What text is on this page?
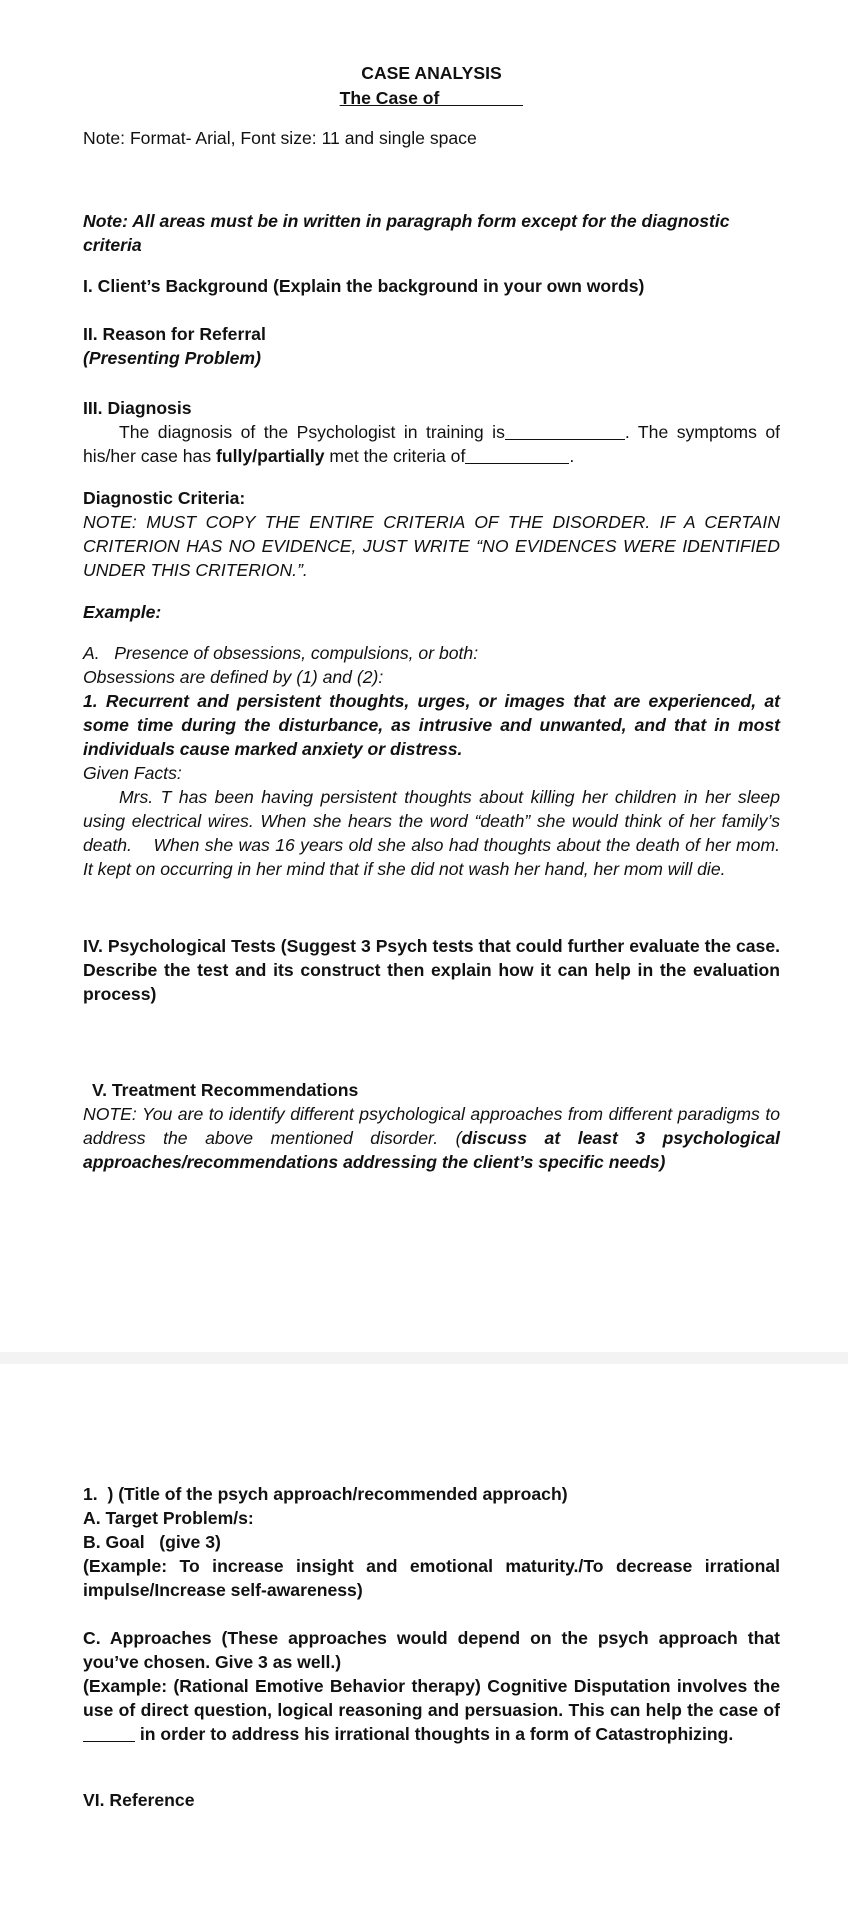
CASE ANALYSIS
The Case of
Note: Format- Arial, Font size: 11 and single space
Note: All areas must be in written in paragraph form except for the diagnostic criteria
I. Client’s Background (Explain the background in your own words)
II. Reason for Referral
(Presenting Problem)
III. Diagnosis
The diagnosis of the Psychologist in training is	. The symptoms of his/her case has fully/partially met the criteria of	.
Diagnostic Criteria:
NOTE: MUST COPY THE ENTIRE CRITERIA OF THE DISORDER. IF A CERTAIN CRITERION HAS NO EVIDENCE, JUST WRITE “NO EVIDENCES WERE IDENTIFIED UNDER THIS CRITERION.”.
Example:
A.   Presence of obsessions, compulsions, or both:
Obsessions are defined by (1) and (2):
1. Recurrent and persistent thoughts, urges, or images that are experienced, at some time during the disturbance, as intrusive and unwanted, and that in most individuals cause marked anxiety or distress.
Given Facts:
Mrs. T has been having persistent thoughts about killing her children in her sleep using electrical wires. When she hears the word “death” she would think of her family’s death.    When she was 16 years old she also had thoughts about the death of her mom. It kept on occurring in her mind that if she did not wash her hand, her mom will die.
IV. Psychological Tests (Suggest 3 Psych tests that could further evaluate the case. Describe the test and its construct then explain how it can help in the evaluation process)
V. Treatment Recommendations
NOTE: You are to identify different psychological approaches from different paradigms to address the above mentioned disorder. (discuss at least 3 psychological approaches/recommendations addressing the client’s specific needs)
1.  ) (Title of the psych approach/recommended approach)
A. Target Problem/s:
B. Goal   (give 3)
(Example: To increase insight and emotional maturity./To decrease irrational impulse/Increase self-awareness)
C. Approaches (These approaches would depend on the psych approach that you’ve chosen. Give 3 as well.)
(Example: (Rational Emotive Behavior therapy) Cognitive Disputation involves the use of direct question, logical reasoning and persuasion. This can help the case of  in order to address his irrational thoughts in a form of Catastrophizing.
VI. Reference
